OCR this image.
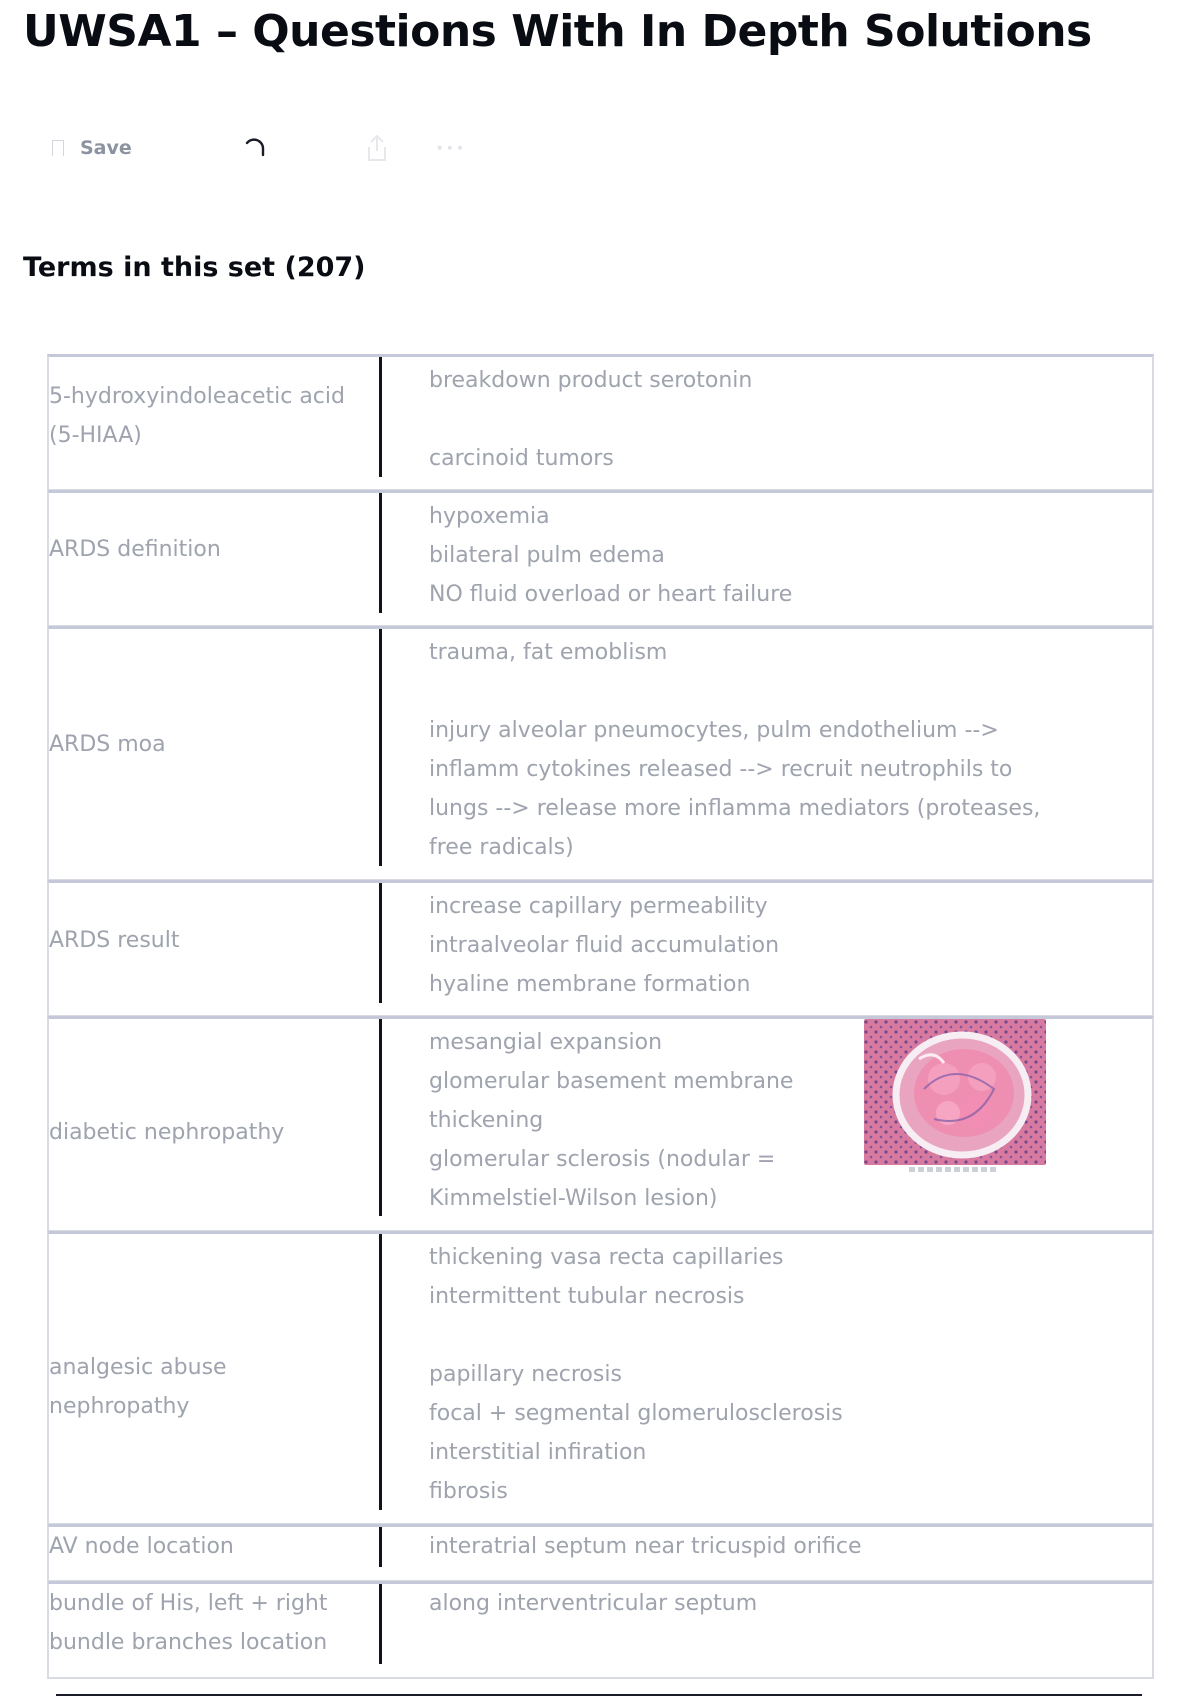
UWSA1 – Questions With In Depth Solutions
Save	···
Terms in this set (207)
5-hydroxyindoleacetic acid (5-HIAA)
breakdown product serotonin
carcinoid tumors
ARDS definition
hypoxemia
bilateral pulm edema
NO fluid overload or heart failure
ARDS moa
trauma, fat emoblism
injury alveolar pneumocytes, pulm endothelium -->
inflamm cytokines released --> recruit neutrophils to
lungs --> release more inflamma mediators (proteases,
free radicals)
ARDS result
increase capillary permeability
intraalveolar fluid accumulation
hyaline membrane formation
diabetic nephropathy
mesangial expansion
glomerular basement membrane
thickening
glomerular sclerosis (nodular =
Kimmelstiel-Wilson lesion)
analgesic abuse nephropathy
thickening vasa recta capillaries
intermittent tubular necrosis
papillary necrosis
focal + segmental glomerulosclerosis
interstitial infiration
fibrosis
AV node location	interatrial septum near tricuspid orifice
bundle of His, left + right bundle branches location
along interventricular septum
